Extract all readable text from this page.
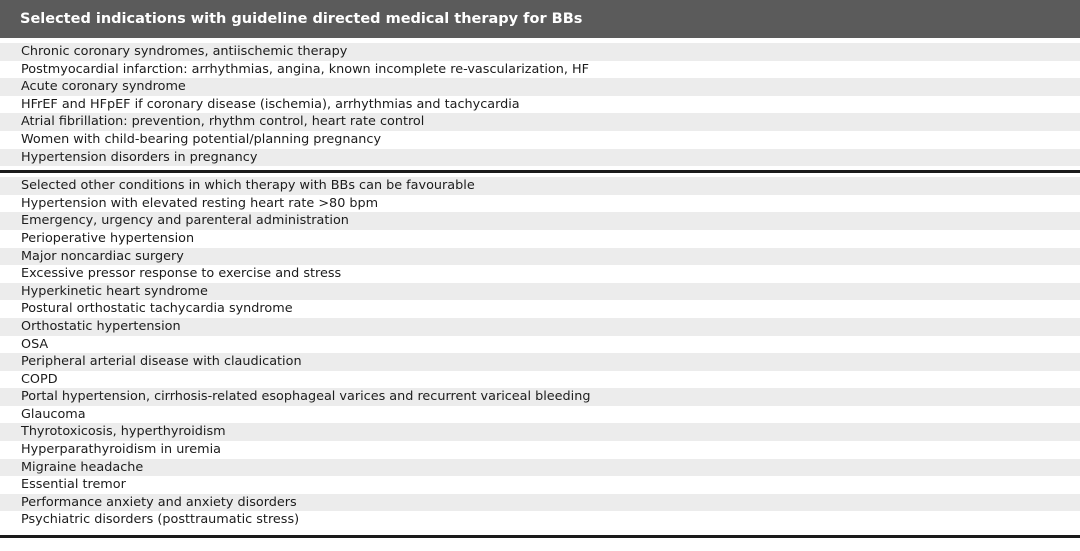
Selected indications with guideline directed medical therapy for BBs
Chronic coronary syndromes, antiischemic therapy
Postmyocardial infarction: arrhythmias, angina, known incomplete re-vascularization, HF
Acute coronary syndrome
HFrEF and HFpEF if coronary disease (ischemia), arrhythmias and tachycardia
Atrial fibrillation: prevention, rhythm control, heart rate control
Women with child-bearing potential/planning pregnancy
Hypertension disorders in pregnancy
Selected other conditions in which therapy with BBs can be favourable
Hypertension with elevated resting heart rate >80 bpm
Emergency, urgency and parenteral administration
Perioperative hypertension
Major noncardiac surgery
Excessive pressor response to exercise and stress
Hyperkinetic heart syndrome
Postural orthostatic tachycardia syndrome
Orthostatic hypertension
OSA
Peripheral arterial disease with claudication
COPD
Portal hypertension, cirrhosis-related esophageal varices and recurrent variceal bleeding
Glaucoma
Thyrotoxicosis, hyperthyroidism
Hyperparathyroidism in uremia
Migraine headache
Essential tremor
Performance anxiety and anxiety disorders
Psychiatric disorders (posttraumatic stress)
